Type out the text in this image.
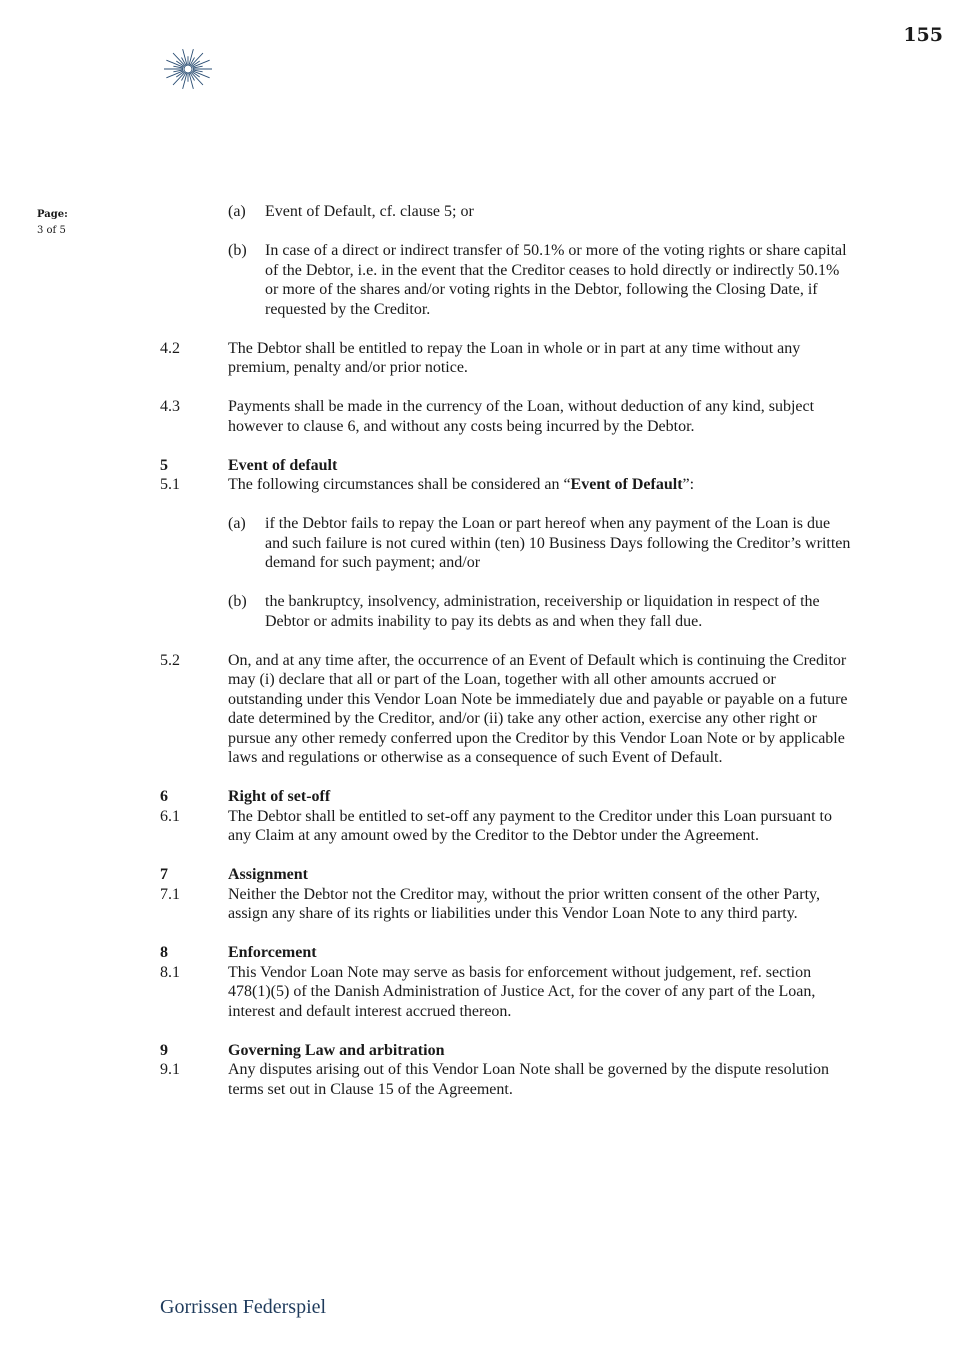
155
Page:
3 of 5
(a)	Event of Default, cf. clause 5; or
(b)	In case of a direct or indirect transfer of 50.1% or more of the voting rights or share capital of the Debtor, i.e. in the event that the Creditor ceases to hold directly or indirectly 50.1% or more of the shares and/or voting rights in the Debtor, following the Closing Date, if requested by the Creditor.
4.2	The Debtor shall be entitled to repay the Loan in whole or in part at any time without any premium, penalty and/or prior notice.
4.3	Payments shall be made in the currency of the Loan, without deduction of any kind, subject however to clause 6, and without any costs being incurred by the Debtor.
5	Event of default
5.1	The following circumstances shall be considered an “Event of Default”:
(a)	if the Debtor fails to repay the Loan or part hereof when any payment of the Loan is due and such failure is not cured within (ten) 10 Business Days following the Creditor’s written demand for such payment; and/or
(b)	the bankruptcy, insolvency, administration, receivership or liquidation in respect of the Debtor or admits inability to pay its debts as and when they fall due.
5.2	On, and at any time after, the occurrence of an Event of Default which is continuing the Creditor may (i) declare that all or part of the Loan, together with all other amounts accrued or outstanding under this Vendor Loan Note be immediately due and payable or payable on a future date determined by the Creditor, and/or (ii) take any other action, exercise any other right or pursue any other remedy conferred upon the Creditor by this Vendor Loan Note or by applicable laws and regulations or otherwise as a consequence of such Event of Default.
6	Right of set-off
6.1	The Debtor shall be entitled to set-off any payment to the Creditor under this Loan pursuant to any Claim at any amount owed by the Creditor to the Debtor under the Agreement.
7	Assignment
7.1	Neither the Debtor not the Creditor may, without the prior written consent of the other Party, assign any share of its rights or liabilities under this Vendor Loan Note to any third party.
8	Enforcement
8.1	This Vendor Loan Note may serve as basis for enforcement without judgement, ref. section 478(1)(5) of the Danish Administration of Justice Act, for the cover of any part of the Loan, interest and default interest accrued thereon.
9	Governing Law and arbitration
9.1	Any disputes arising out of this Vendor Loan Note shall be governed by the dispute resolution terms set out in Clause 15 of the Agreement.
Gorrissen Federspiel
